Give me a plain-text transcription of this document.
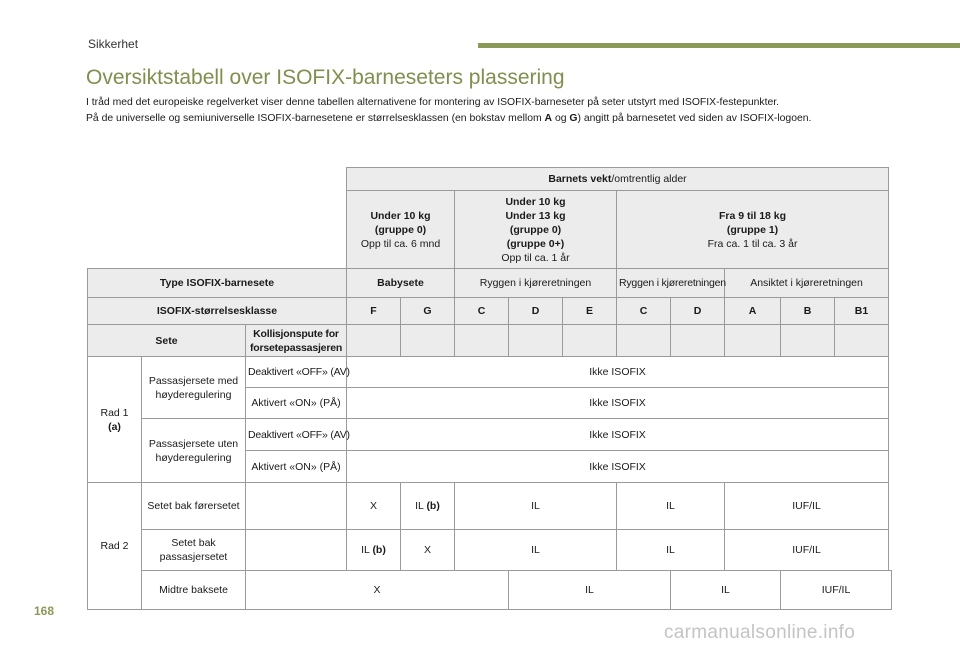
Sikkerhet
Oversiktstabell over ISOFIX-barneseters plassering
I tråd med det europeiske regelverket viser denne tabellen alternativene for montering av ISOFIX-barneseter på seter utstyrt med ISOFIX-festepunkter.
På de universelle og semiuniverselle ISOFIX-barnesetene er størrelsesklassen (en bokstav mellom A og G) angitt på barnesetet ved siden av ISOFIX-logoen.
			Barnets vekt/omtrentlig alder									
			Under 10 kg
(gruppe 0)
Opp til ca. 6 mnd		Under 10 kg
Under 13 kg
(gruppe 0)
(gruppe 0+)
Opp til ca. 1 år			Fra 9 til 18 kg
(gruppe 1)
Fra ca. 1 til ca. 3 år				
Type ISOFIX-barnesete			Babysete		Ryggen i kjøreretningen			Ryggen i kjøreretningen		Ansiktet i kjøreretningen		
ISOFIX-størrelsesklasse			F	G	C	D	E	C	D	A	B	B1
Sete		Kollisjonspute for forsetepassasjeren										
Rad 1
(a)	Passasjersete med høyderegulering	Deaktivert «OFF» (AV)	Ikke ISOFIX									
		Aktivert «ON» (PÅ)	Ikke ISOFIX									
	Passasjersete uten høyderegulering	Deaktivert «OFF» (AV)	Ikke ISOFIX									
		Aktivert «ON» (PÅ)	Ikke ISOFIX									
Rad 2	Setet bak førersetet		X	IL (b)	IL			IL		IUF/IL		
	Setet bak passasjersetet		IL (b)	X	IL			IL		IUF/IL		
	Midtre baksete	X				IL			IL		IUF/IL	
168
carmanualsonline.info
